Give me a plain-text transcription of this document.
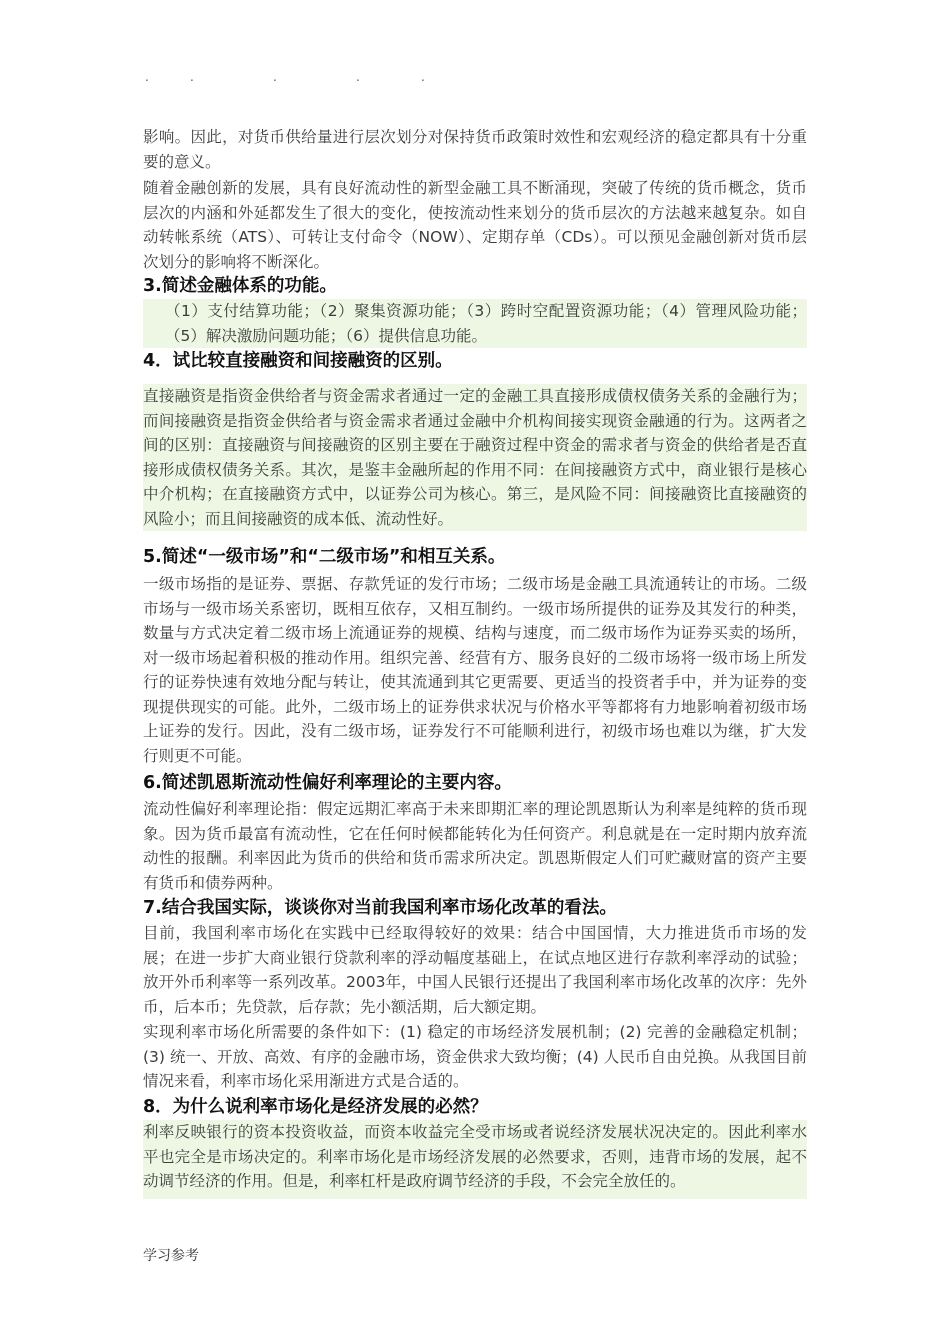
.	.	.	.	.

影响。因此，对货币供给量进行层次划分对保持货币政策时效性和宏观经济的稳定都具有十分重要的意义。

随着金融创新的发展，具有良好流动性的新型金融工具不断涌现，突破了传统的货币概念，货币层次的内涵和外延都发生了很大的变化，使按流动性来划分的货币层次的方法越来越复杂。如自动转帐系统（ATS）、可转让支付命令（NOW）、定期存单（CDs）。可以预见金融创新对货币层次划分的影响将不断深化。

3.简述金融体系的功能。

（1）支付结算功能；（2）聚集资源功能；（3）跨时空配置资源功能；（4）管理风险功能；（5）解决激励问题功能；（6）提供信息功能。

4．试比较直接融资和间接融资的区别。

直接融资是指资金供给者与资金需求者通过一定的金融工具直接形成债权债务关系的金融行为；而间接融资是指资金供给者与资金需求者通过金融中介机构间接实现资金融通的行为。这两者之间的区别：直接融资与间接融资的区别主要在于融资过程中资金的需求者与资金的供给者是否直接形成债权债务关系。其次，是鉴丰金融所起的作用不同：在间接融资方式中，商业银行是核心中介机构；在直接融资方式中，以证券公司为核心。第三，是风险不同：间接融资比直接融资的风险小；而且间接融资的成本低、流动性好。

5.简述“一级市场”和“二级市场”和相互关系。

一级市场指的是证券、票据、存款凭证的发行市场；二级市场是金融工具流通转让的市场。二级市场与一级市场关系密切，既相互依存，又相互制约。一级市场所提供的证券及其发行的种类，数量与方式决定着二级市场上流通证券的规模、结构与速度，而二级市场作为证券买卖的场所，对一级市场起着积极的推动作用。组织完善、经营有方、服务良好的二级市场将一级市场上所发行的证券快速有效地分配与转让，使其流通到其它更需要、更适当的投资者手中，并为证券的变现提供现实的可能。此外，二级市场上的证券供求状况与价格水平等都将有力地影响着初级市场上证券的发行。因此，没有二级市场，证券发行不可能顺利进行，初级市场也难以为继，扩大发行则更不可能。

6.简述凯恩斯流动性偏好利率理论的主要内容。

流动性偏好利率理论指：假定远期汇率高于未来即期汇率的理论凯恩斯认为利率是纯粹的货币现象。因为货币最富有流动性，它在任何时候都能转化为任何资产。利息就是在一定时期内放弃流动性的报酬。利率因此为货币的供给和货币需求所决定。凯恩斯假定人们可贮藏财富的资产主要有货币和债券两种。

7.结合我国实际，谈谈你对当前我国利率市场化改革的看法。

目前，我国利率市场化在实践中已经取得较好的效果：结合中国国情，大力推进货币市场的发展；在进一步扩大商业银行贷款利率的浮动幅度基础上，在试点地区进行存款利率浮动的试验；放开外币利率等一系列改革。2003年，中国人民银行还提出了我国利率市场化改革的次序：先外币，后本币；先贷款，后存款；先小额活期，后大额定期。

实现利率市场化所需要的条件如下：(1) 稳定的市场经济发展机制；(2) 完善的金融稳定机制；(3) 统一、开放、高效、有序的金融市场，资金供求大致均衡；(4) 人民币自由兑换。从我国目前情况来看，利率市场化采用渐进方式是合适的。

8．为什么说利率市场化是经济发展的必然？

利率反映银行的资本投资收益，而资本收益完全受市场或者说经济发展状况决定的。因此利率水平也完全是市场决定的。利率市场化是市场经济发展的必然要求，否则，违背市场的发展，起不动调节经济的作用。但是，利率杠杆是政府调节经济的手段，不会完全放任的。

学习参考
